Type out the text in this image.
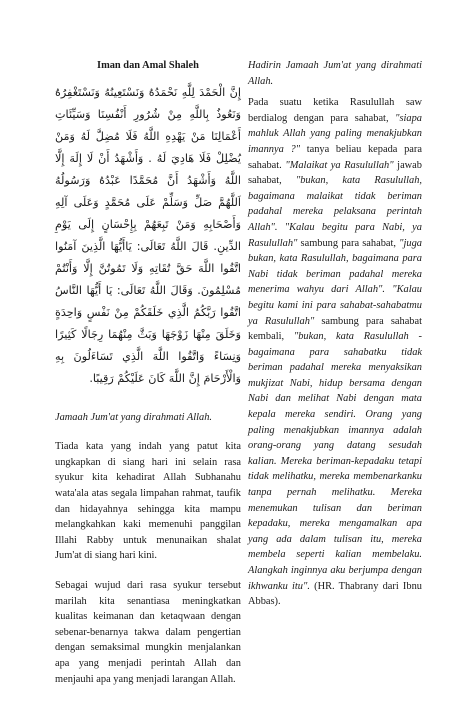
Iman dan Amal Shaleh
إِنَّ الْحَمْدَ لِلَّهِ نَحْمَدُهُ وَنَسْتَعِينُهُ وَنَسْتَغْفِرُهُ وَنَعُوذُ بِاللَّهِ مِنْ شُرُورِ أَنْفُسِنَا وَسَيِّئَاتِ أَعْمَالِنَا مَنْ يَهْدِهِ اللَّهُ فَلَا مُضِلَّ لَهُ وَمَنْ يُضْلِلْ فَلَا هَادِيَ لَهُ . وَأَشْهَدُ أَنْ لَا إِلَهَ إِلَّا اللَّهُ وَأَشْهَدُ أَنَّ مُحَمَّدًا عَبْدُهُ وَرَسُولُهُ اَللَّهُمَّ صَلِّ وَسَلِّمْ عَلَى مُحَمَّدٍ وَعَلَى آلِهِ وَأَصْحَابِهِ وَمَنْ تَبِعَهُمْ بِإِحْسَانٍ إِلَى يَوْمِ الدِّينِ. قَالَ اللَّهُ تَعَالَى: يَاأَيُّهَا الَّذِينَ آمَنُوا اتَّقُوا اللَّهَ حَقَّ تُقَاتِهِ وَلَا تَمُوتُنَّ إِلَّا وَأَنْتُمْ مُسْلِمُونَ. وَقَالَ اللَّهُ تَعَالَى: يَا أَيُّهَا النَّاسُ اتَّقُوا رَبَّكُمُ الَّذِي خَلَقَكُمْ مِنْ نَفْسٍ وَاحِدَةٍ وَخَلَقَ مِنْهَا زَوْجَهَا وَبَثَّ مِنْهُمَا رِجَالًا كَثِيرًا وَنِسَاءً وَاتَّقُوا اللَّهَ الَّذِي تَسَاءَلُونَ بِهِ وَالْأَرْحَامَ إِنَّ اللَّهَ كَانَ عَلَيْكُمْ رَقِيبًا.
Jamaah Jum'at yang dirahmati Allah.
Tiada kata yang indah yang patut kita ungkapkan di siang hari ini selain rasa syukur kita kehadirat Allah Subhanahu wata'ala atas segala limpahan rahmat, taufik dan hidayahnya sehingga kita mampu melangkahkan kaki memenuhi panggilan Illahi Rabby untuk menunaikan shalat Jum'at di siang hari kini.
Sebagai wujud dari rasa syukur tersebut marilah kita senantiasa meningkatkan kualitas keimanan dan ketaqwaan dengan sebenar-benarnya takwa dalam pengertian dengan semaksimal mungkin menjalankan apa yang menjadi perintah Allah dan menjauhi apa yang menjadi larangan Allah.

Hadirin Jamaah Jum'at yang dirahmati Allah.

Pada suatu ketika Rasulullah saw berdialog dengan para sahabat, "siapa mahluk Allah yang paling menakjubkan imannya ?" tanya beliau kepada para sahabat. "Malaikat ya Rasulullah" jawab sahabat, "bukan, kata Rasulullah, bagaimana malaikat tidak beriman padahal mereka pelaksana perintah Allah". "Kalau begitu para Nabi, ya Rasulullah" sambung para sahabat, "juga bukan, kata Rasulullah, bagaimana para Nabi tidak beriman padahal mereka menerima wahyu dari Allah". "Kalau begitu kami ini para sahabat-sahabatmu ya Rasulullah" sambung para sahabat kembali, "bukan, kata Rasulullah - bagaimana para sahabatku tidak beriman padahal mereka menyaksikan mukjizat Nabi, hidup bersama dengan Nabi dan melihat Nabi dengan mata kepala mereka sendiri. Orang yang paling menakjubkan imannya adalah orang-orang yang datang sesudah kalian. Mereka beriman-kepadaku tetapi tidak melihatku, mereka membenarkanku tanpa pernah melihatku. Mereka menemukan tulisan dan beriman kepadaku, mereka mengamalkan apa yang ada dalam tulisan itu, mereka membela seperti kalian membelaku. Alangkah inginnya aku berjumpa dengan ikhwanku itu". (HR. Thabrany dari Ibnu Abbas).
